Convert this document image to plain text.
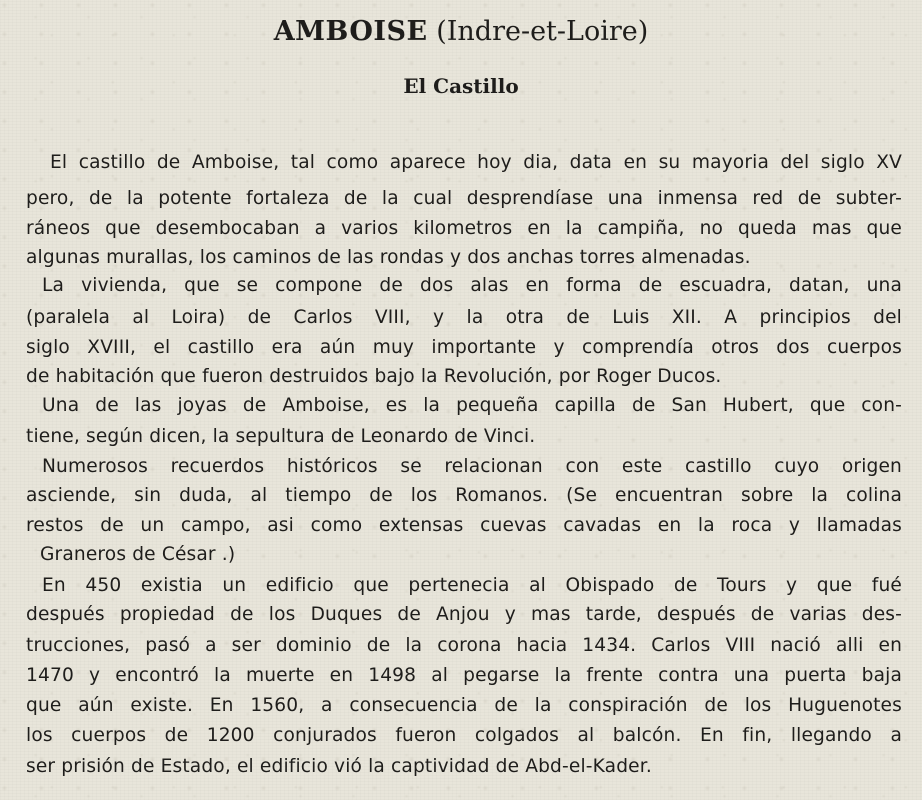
AMBOISE (Indre-et-Loire)
El Castillo
El castillo de Amboise, tal como aparece hoy dia, data en su mayoria del siglo XV
pero, de la potente fortaleza de la cual desprendíase una inmensa red de subter-
ráneos que desembocaban a varios kilometros en la campiña, no queda mas que
algunas murallas, los caminos de las rondas y dos anchas torres almenadas.
La vivienda, que se compone de dos alas en forma de escuadra, datan, una
(paralela al Loira) de Carlos VIII, y la otra de Luis XII. A principios del
siglo XVIII, el castillo era aún muy importante y comprendía otros dos cuerpos
de habitación que fueron destruidos bajo la Revolución, por Roger Ducos.
Una de las joyas de Amboise, es la pequeña capilla de San Hubert, que con-
tiene, según dicen, la sepultura de Leonardo de Vinci.
Numerosos recuerdos históricos se relacionan con este castillo cuyo origen
asciende, sin duda, al tiempo de los Romanos. (Se encuentran sobre la colina
restos de un campo, asi como extensas cuevas cavadas en la roca y llamadas
Graneros de César .)
En 450 existia un edificio que pertenecia al Obispado de Tours y que fué
después propiedad de los Duques de Anjou y mas tarde, después de varias des-
trucciones, pasó a ser dominio de la corona hacia 1434. Carlos VIII nació alli en
1470 y encontró la muerte en 1498 al pegarse la frente contra una puerta baja
que aún existe. En 1560, a consecuencia de la conspiración de los Huguenotes
los cuerpos de 1200 conjurados fueron colgados al balcón. En fin, llegando a
ser prisión de Estado, el edificio vió la captividad de Abd-el-Kader.
